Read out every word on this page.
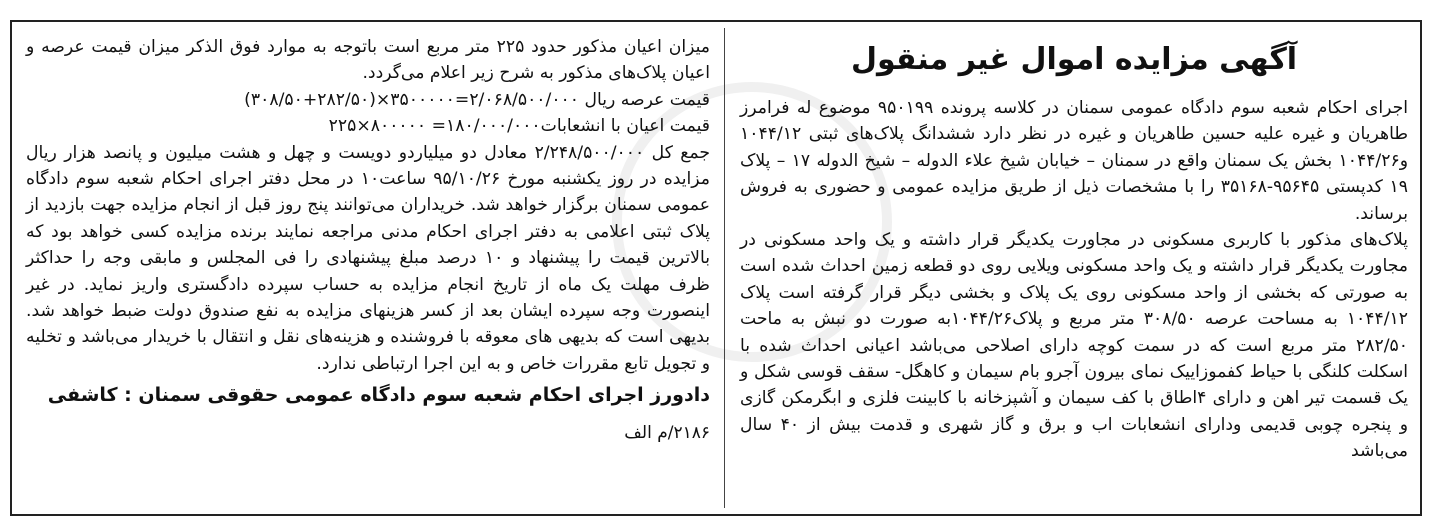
آگهی مزایده اموال غیر منقول

اجرای احکام شعبه سوم دادگاه عمومی سمنان در کلاسه پرونده ۹۵۰۱۹۹ موضوع له فرامرز طاهریان و غیره علیه حسین طاهریان و غیره در نظر دارد ششدانگ پلاک‌های ثبتی ۱۰۴۴/۱۲ و۱۰۴۴/۲۶ بخش یک سمنان واقع در سمنان – خیابان شیخ علاء الدوله – شیخ الدوله ۱۷ – پلاک ۱۹ کدپستی ۹۵۶۴۵-۳۵۱۶۸ را با مشخصات ذیل از طریق مزایده عمومی و حضوری به فروش برساند.

پلاک‌های مذکور با کاربری مسکونی در مجاورت یکدیگر قرار داشته و یک واحد مسکونی در مجاورت یکدیگر قرار داشته و یک واحد مسکونی ویلایی روی دو قطعه زمین احداث شده است به صورتی که بخشی از واحد مسکونی روی یک پلاک و بخشی دیگر قرار گرفته است پلاک ۱۰۴۴/۱۲ به مساحت عرصه ۳۰۸/۵۰ متر مربع و پلاک۱۰۴۴/۲۶به صورت دو نبش به ماحت ۲۸۲/۵۰ متر مربع است که در سمت کوچه دارای اصلاحی می‌باشد اعیانی احداث شده با اسکلت کلنگی با حیاط کفموزاییک نمای بیرون آجرو بام سیمان و کاهگل- سقف قوسی شکل و یک قسمت تیر اهن و دارای ۴اطاق با کف سیمان و آشپزخانه با کابینت فلزی و ابگرمکن گازی و پنجره چوبی قدیمی ودارای انشعابات اب و برق و گاز شهری و قدمت بیش از ۴۰ سال می‌باشد

میزان اعیان مذکور حدود ۲۲۵ متر مربع است باتوجه به موارد فوق الذکر میزان قیمت عرصه و اعیان پلاک‌های مذکور به شرح زیر اعلام می‌گردد.

قیمت عرصه ریال ۲/۰۶۸/۵۰۰/۰۰۰=۳۵۰۰۰۰۰×(۲۸۲/۵۰+۳۰۸/۵۰)

قیمت اعیان با انشعابات۱۸۰/۰۰۰/۰۰۰= ۸۰۰۰۰۰×۲۲۵

جمع کل ۲/۲۴۸/۵۰۰/۰۰۰ معادل دو میلیاردو دویست و چهل و هشت میلیون و پانصد هزار ریال مزایده در روز یکشنبه مورخ ۹۵/۱۰/۲۶ ساعت۱۰ در محل دفتر اجرای احکام شعبه سوم دادگاه عمومی سمنان برگزار خواهد شد. خریداران می‌توانند پنج روز قبل از انجام مزایده جهت بازدید از پلاک ثبتی اعلامی به دفتر اجرای احکام مدنی مراجعه نمایند برنده مزایده کسی خواهد بود که بالاترین قیمت را پیشنهاد و ۱۰ درصد مبلغ پیشنهادی را فی المجلس و مابقی وجه را حداکثر ظرف مهلت یک ماه از تاریخ انجام مزایده به حساب سپرده دادگستری واریز نماید. در غیر اینصورت وجه سپرده ایشان بعد از کسر هزینهای مزایده به نفع صندوق دولت ضبط خواهد شد. بدیهی است که بدیهی های معوقه با فروشنده و هزینه‌های نقل و انتقال با خریدار می‌باشد و تخلیه و تجویل تابع مقررات خاص و به این اجرا ارتباطی ندارد.

دادورز اجرای احکام شعبه سوم دادگاه عمومی حقوقی سمنان : کاشفی
۲۱۸۶/م الف
